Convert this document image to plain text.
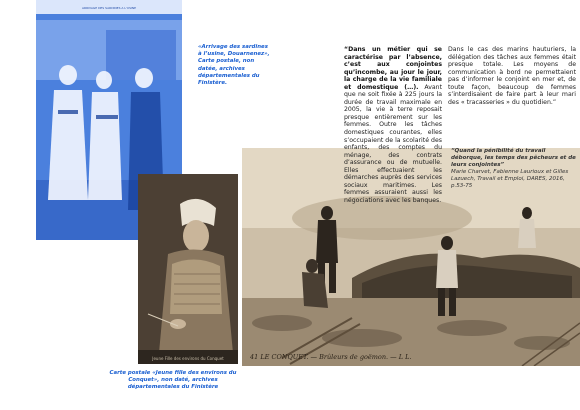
ARRIVAGE DES SARDINES A L'USINE
Jeune Fille des environs du Conquet	41 LE CONQUET. — Brûleurs de goëmon. — L L.
«Arrivage des sardines à l’usine, Douarnenez», Carte postale, non datée, archives départementales du Finistère.
Carte postale «Jeune fille des environs du Conquet», non daté, archives départementales du Finistère
“Dans un métier qui se caractérise par l’absence, c’est aux conjointes qu’incombe, au jour le jour, la charge de la vie familiale et domestique (…). Avant que ne soit fixée à 225 jours la durée de travail maximale en 2005, la vie à terre reposait presque entièrement sur les femmes. Outre les tâches domestiques courantes, elles s’occupaient de la scolarité des enfants, des comptes du ménage, des contrats d’assurance ou de mutuelle. Elles effectuaient les démarches auprès des services sociaux maritimes. Les femmes assuraient aussi les négociations avec les banques.
Dans le cas des marins hauturiers, la délégation des tâches aux femmes était presque totale. Les moyens de communication à bord ne permettaient pas d’informer le conjoint en mer et, de toute façon, beaucoup de femmes s’interdisaient de faire part à leur mari des « tracasseries » du quotidien.”
“Quand la pénibilité du travail déborque, les temps des pêcheurs et de leurs conjointes”
Marie Charvet, Fabienne Laurioux et Gilles Lazuech, Travail et Emploi, DARES, 2016, p.53-75
